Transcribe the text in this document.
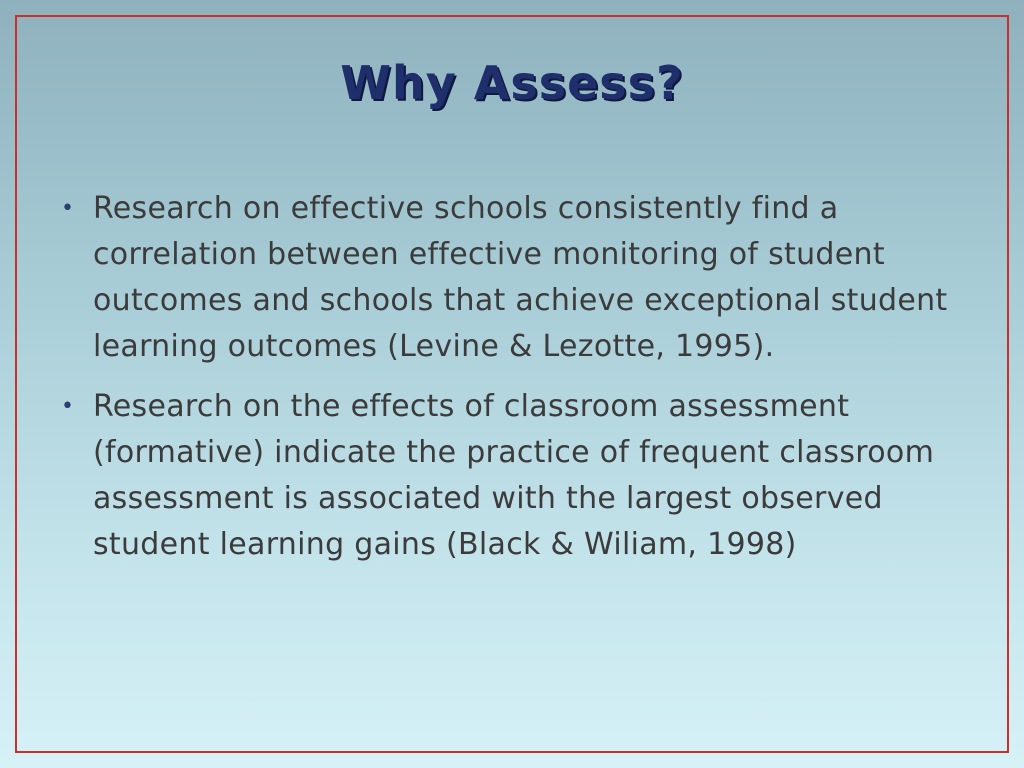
Why Assess?
• Research on effective schools consistently find a correlation between effective monitoring of student outcomes and schools that achieve exceptional student learning outcomes (Levine & Lezotte, 1995).
• Research on the effects of classroom assessment (formative) indicate the practice of frequent classroom assessment is associated with the largest observed student learning gains (Black & Wiliam, 1998)
